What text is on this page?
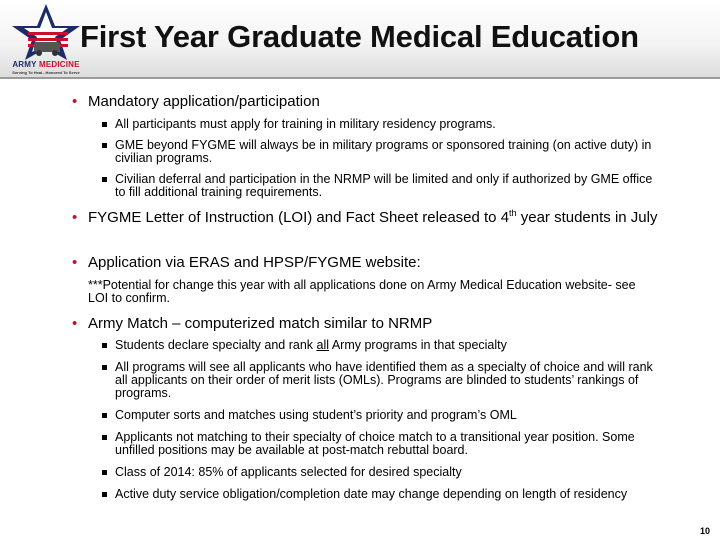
ARMY MEDICINE
Serving To Heal...Honored To Serve
First Year Graduate Medical Education
• Mandatory application/participation
All participants must apply for training in military residency programs.
GME beyond FYGME will always be in military programs or sponsored training (on active duty) in civilian programs.
Civilian deferral and participation in the NRMP will be limited and only if authorized by GME office to fill additional training requirements.
• FYGME Letter of Instruction (LOI) and Fact Sheet released to 4th year students in July
• Application via ERAS and HPSP/FYGME website:
***Potential for change this year with all applications done on Army Medical Education website- see LOI to confirm.
• Army Match – computerized match similar to NRMP
Students declare specialty and rank all Army programs in that specialty
All programs will see all applicants who have identified them as a specialty of choice and will rank all applicants on their order of merit lists (OMLs). Programs are blinded to students’ rankings of programs.
Computer sorts and matches using student’s priority and program’s OML
Applicants not matching to their specialty of choice match to a transitional year position. Some unfilled positions may be available at post-match rebuttal board.
Class of 2014: 85% of applicants selected for desired specialty
Active duty service obligation/completion date may change depending on length of residency
10
